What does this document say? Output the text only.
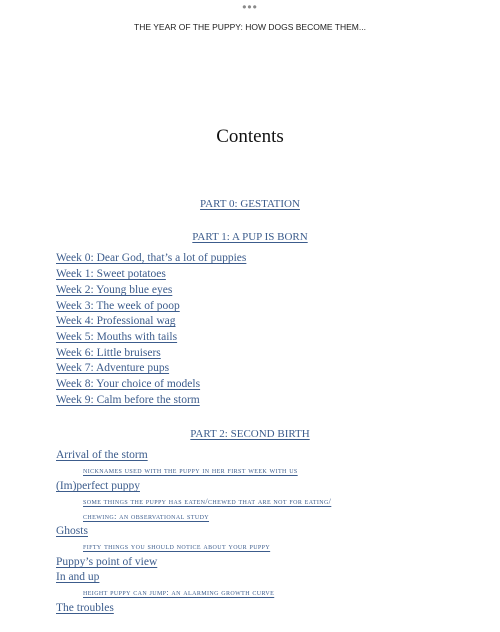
•••
THE YEAR OF THE PUPPY: HOW DOGS BECOME THEM...
Contents
PART 0: GESTATION
PART 1: A PUP IS BORN
Week 0: Dear God, that’s a lot of puppies
Week 1: Sweet potatoes
Week 2: Young blue eyes
Week 3: The week of poop
Week 4: Professional wag
Week 5: Mouths with tails
Week 6: Little bruisers
Week 7: Adventure pups
Week 8: Your choice of models
Week 9: Calm before the storm
PART 2: SECOND BIRTH
Arrival of the storm
nicknames used with the puppy in her first week with us
(Im)perfect puppy
some things the puppy has eaten/chewed that are not for eating/
chewing: an observational study
Ghosts
fifty things you should notice about your puppy
Puppy’s point of view
In and up
height puppy can jump: an alarming growth curve
The troubles
